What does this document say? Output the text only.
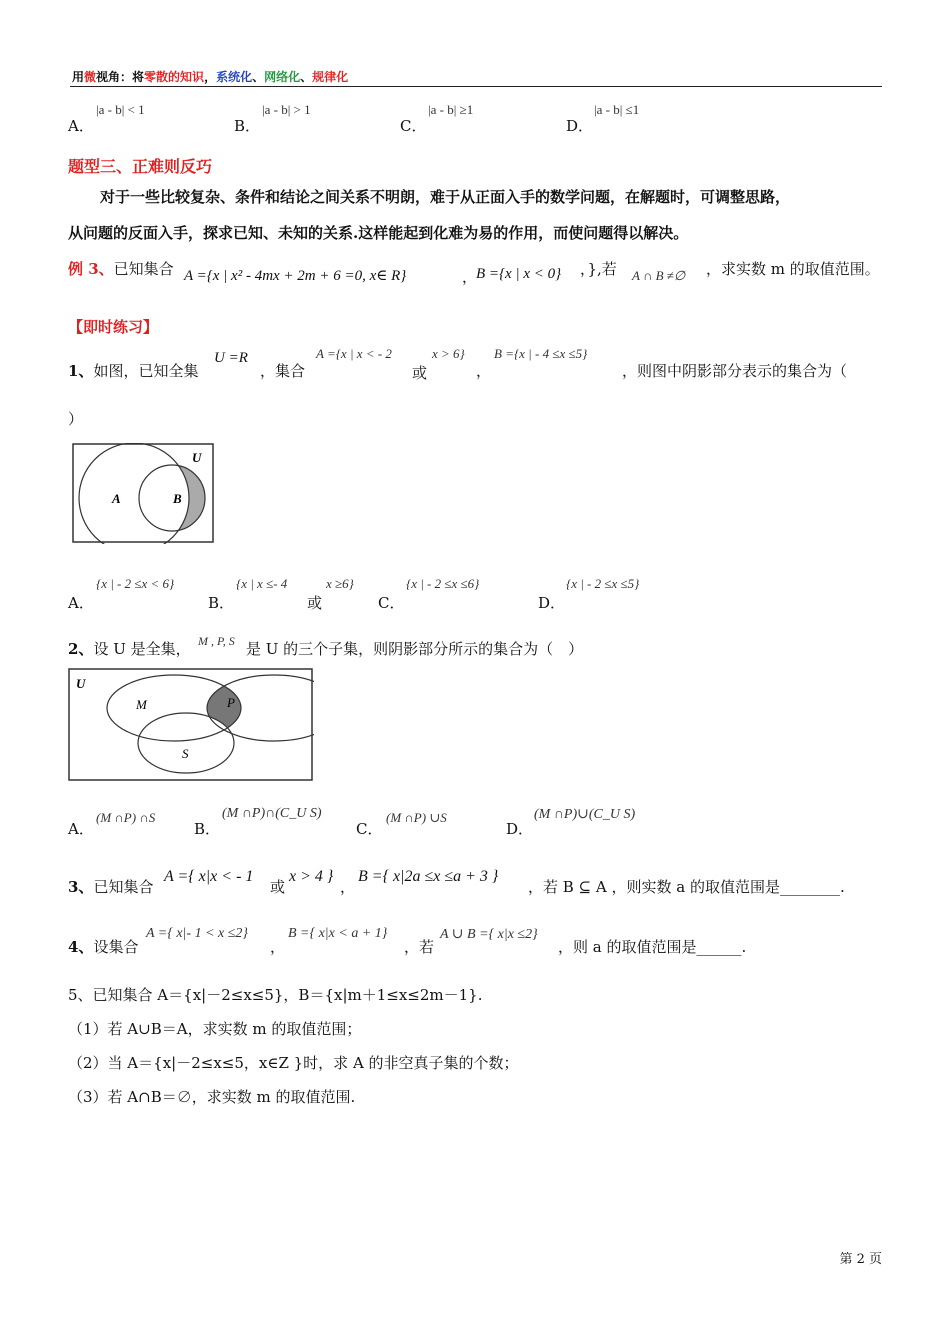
用微视角：将零散的知识，系统化、网络化、规律化
A．
|a - b| < 1
B．
|a - b| > 1
C．
|a - b| ≥1
D．
|a - b| ≤1
题型三、正难则反巧
对于一些比较复杂、条件和结论之间关系不明朗，难于从正面入手的数学问题，在解题时，可调整思路，
从问题的反面入手，探求已知、未知的关系.这样能起到化难为易的作用，而使问题得以解决。
例 3、已知集合 A ={x | x² - 4mx + 2m + 6 =0, x∈ R}	，
B ={x | x < 0} ，},若 A ∩ B ≠∅ ，求实数 m 的取值范围。
【即时练习】
1、如图，已知全集
U =R
，集合
A ={x | x < - 2
或
x > 6}
，
B ={x | - 4 ≤x ≤5}
，则图中阴影部分表示的集合为（
）
U
A	B
A．
{x | - 2 ≤x < 6}
B．
{x | x ≤- 4
或
x ≥6}
C．
{x | - 2 ≤x ≤6}
D．
{x | - 2 ≤x ≤5}
2、设 U 是全集， M , P, S 是 U 的三个子集，则阴影部分所示的集合为（　）
U
M	P
S
A．
(M ∩P) ∩S
B．
(M ∩P)∩(C_U S)
C．
(M ∩P) ∪S
D．
(M ∩P)∪(C_U S)
3、已知集合
A ={ x|x < - 1
或
x > 4 }
，
B ={ x|2a ≤x ≤a + 3 }
，若 B ⊆ A ，则实数 a 的取值范围是________.
4、设集合
A ={ x|- 1 < x ≤2}
，
B ={ x|x < a + 1}
，若
A ∪ B ={ x|x ≤2}
，则 a 的取值范围是______.
5、已知集合 A＝{x|－2≤x≤5}，B＝{x|m＋1≤x≤2m－1}.
（1）若 A∪B＝A，求实数 m 的取值范围；
（2）当 A＝{x|－2≤x≤5，x∈Z }时，求 A 的非空真子集的个数；
（3）若 A∩B＝∅，求实数 m 的取值范围.
第 2 页
